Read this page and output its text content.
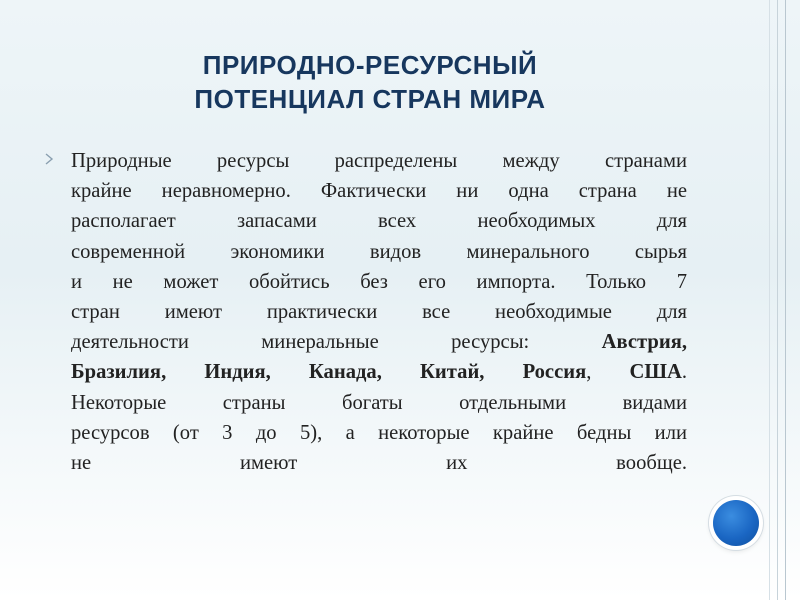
ПРИРОДНО-РЕСУРСНЫЙ
ПОТЕНЦИАЛ СТРАН МИРА
Природные ресурсы распределены между странами
крайне неравномерно. Фактически ни одна страна не
располагает запасами всех необходимых для
современной экономики видов минерального сырья
и не может обойтись без его импорта. Только 7
стран имеют практически все необходимые для
деятельности минеральные ресурсы: Австрия,
Бразилия, Индия, Канада, Китай, Россия, США.
Некоторые страны богаты отдельными видами
ресурсов (от 3 до 5), а некоторые крайне бедны или
не имеют их вообще.
